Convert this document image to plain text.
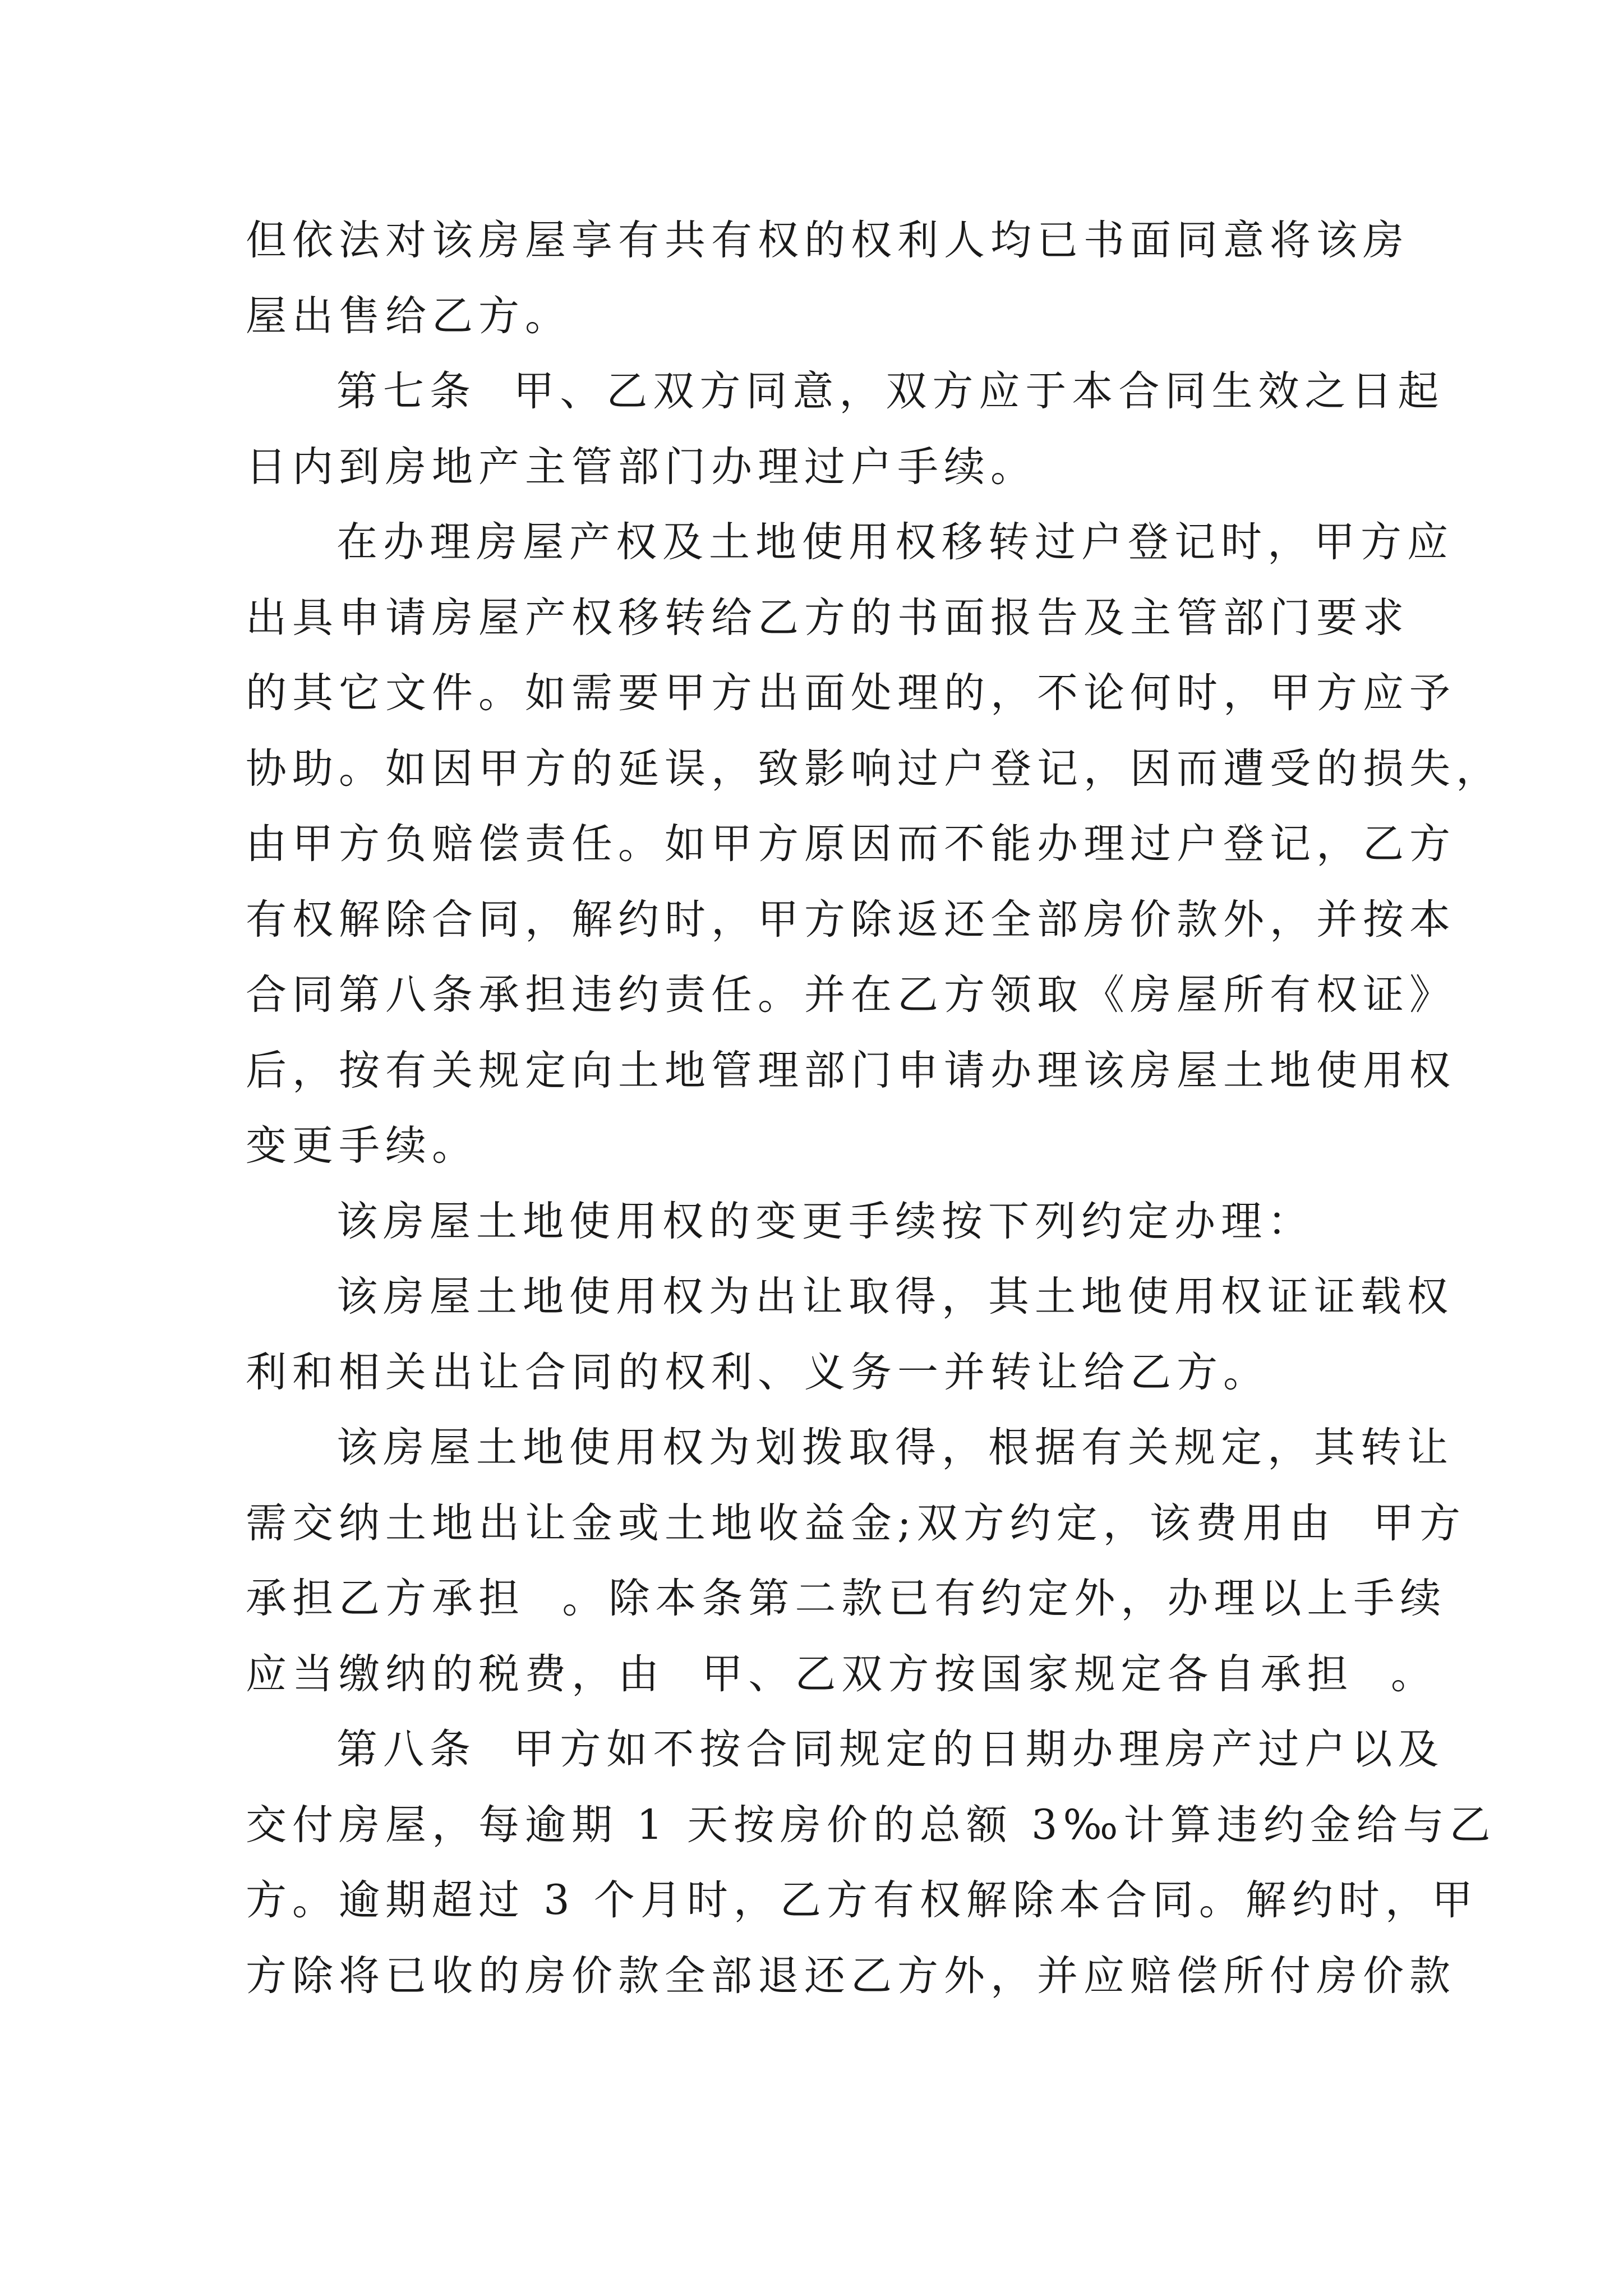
但依法对该房屋享有共有权的权利人均已书面同意将该房
屋出售给乙方。
第七条  甲、乙双方同意，双方应于本合同生效之日起
日内到房地产主管部门办理过户手续。
在办理房屋产权及土地使用权移转过户登记时，甲方应
出具申请房屋产权移转给乙方的书面报告及主管部门要求
的其它文件。如需要甲方出面处理的，不论何时，甲方应予
协助。如因甲方的延误，致影响过户登记，因而遭受的损失，
由甲方负赔偿责任。如甲方原因而不能办理过户登记，乙方
有权解除合同，解约时，甲方除返还全部房价款外，并按本
合同第八条承担违约责任。并在乙方领取《房屋所有权证》
后，按有关规定向土地管理部门申请办理该房屋土地使用权
变更手续。
该房屋土地使用权的变更手续按下列约定办理：
该房屋土地使用权为出让取得，其土地使用权证证载权
利和相关出让合同的权利、义务一并转让给乙方。
该房屋土地使用权为划拨取得，根据有关规定，其转让
需交纳土地出让金或土地收益金;双方约定，该费用由  甲方
承担乙方承担  。除本条第二款已有约定外，办理以上手续
应当缴纳的税费，由  甲、乙双方按国家规定各自承担  。
第八条  甲方如不按合同规定的日期办理房产过户以及
交付房屋，每逾期 1 天按房价的总额 3‰计算违约金给与乙
方。逾期超过 3 个月时，乙方有权解除本合同。解约时，甲
方除将已收的房价款全部退还乙方外，并应赔偿所付房价款
